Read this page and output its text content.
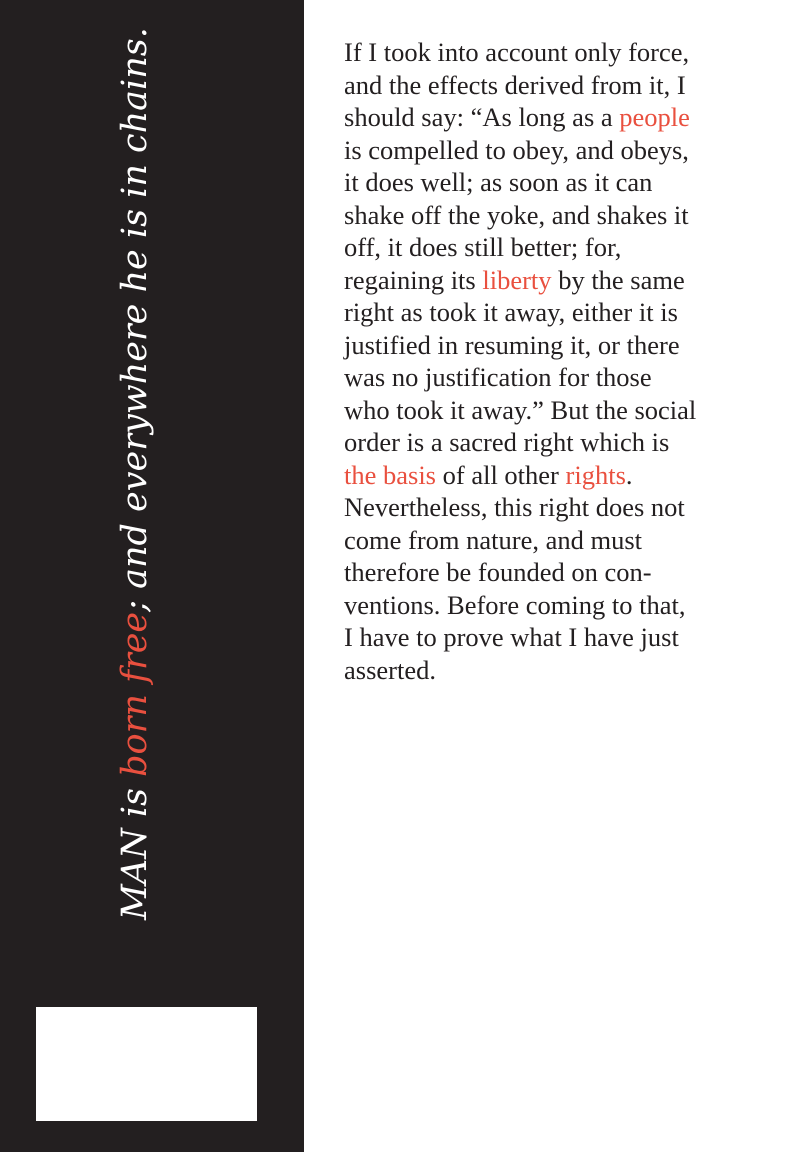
MAN is born free; and everywhere he is in chains.	If I took into account only force,
and the effects derived from it, I
should say: “As long as a people
is compelled to obey, and obeys,
it does well; as soon as it can
shake off the yoke, and shakes it
off, it does still better; for,
regaining its liberty by the same
right as took it away, either it is
justified in resuming it, or there
was no justification for those
who took it away.” But the social
order is a sacred right which is
the basis of all other rights.
Nevertheless, this right does not
come from nature, and must
therefore be founded on con-
ventions. Before coming to that,
I have to prove what I have just
asserted.
